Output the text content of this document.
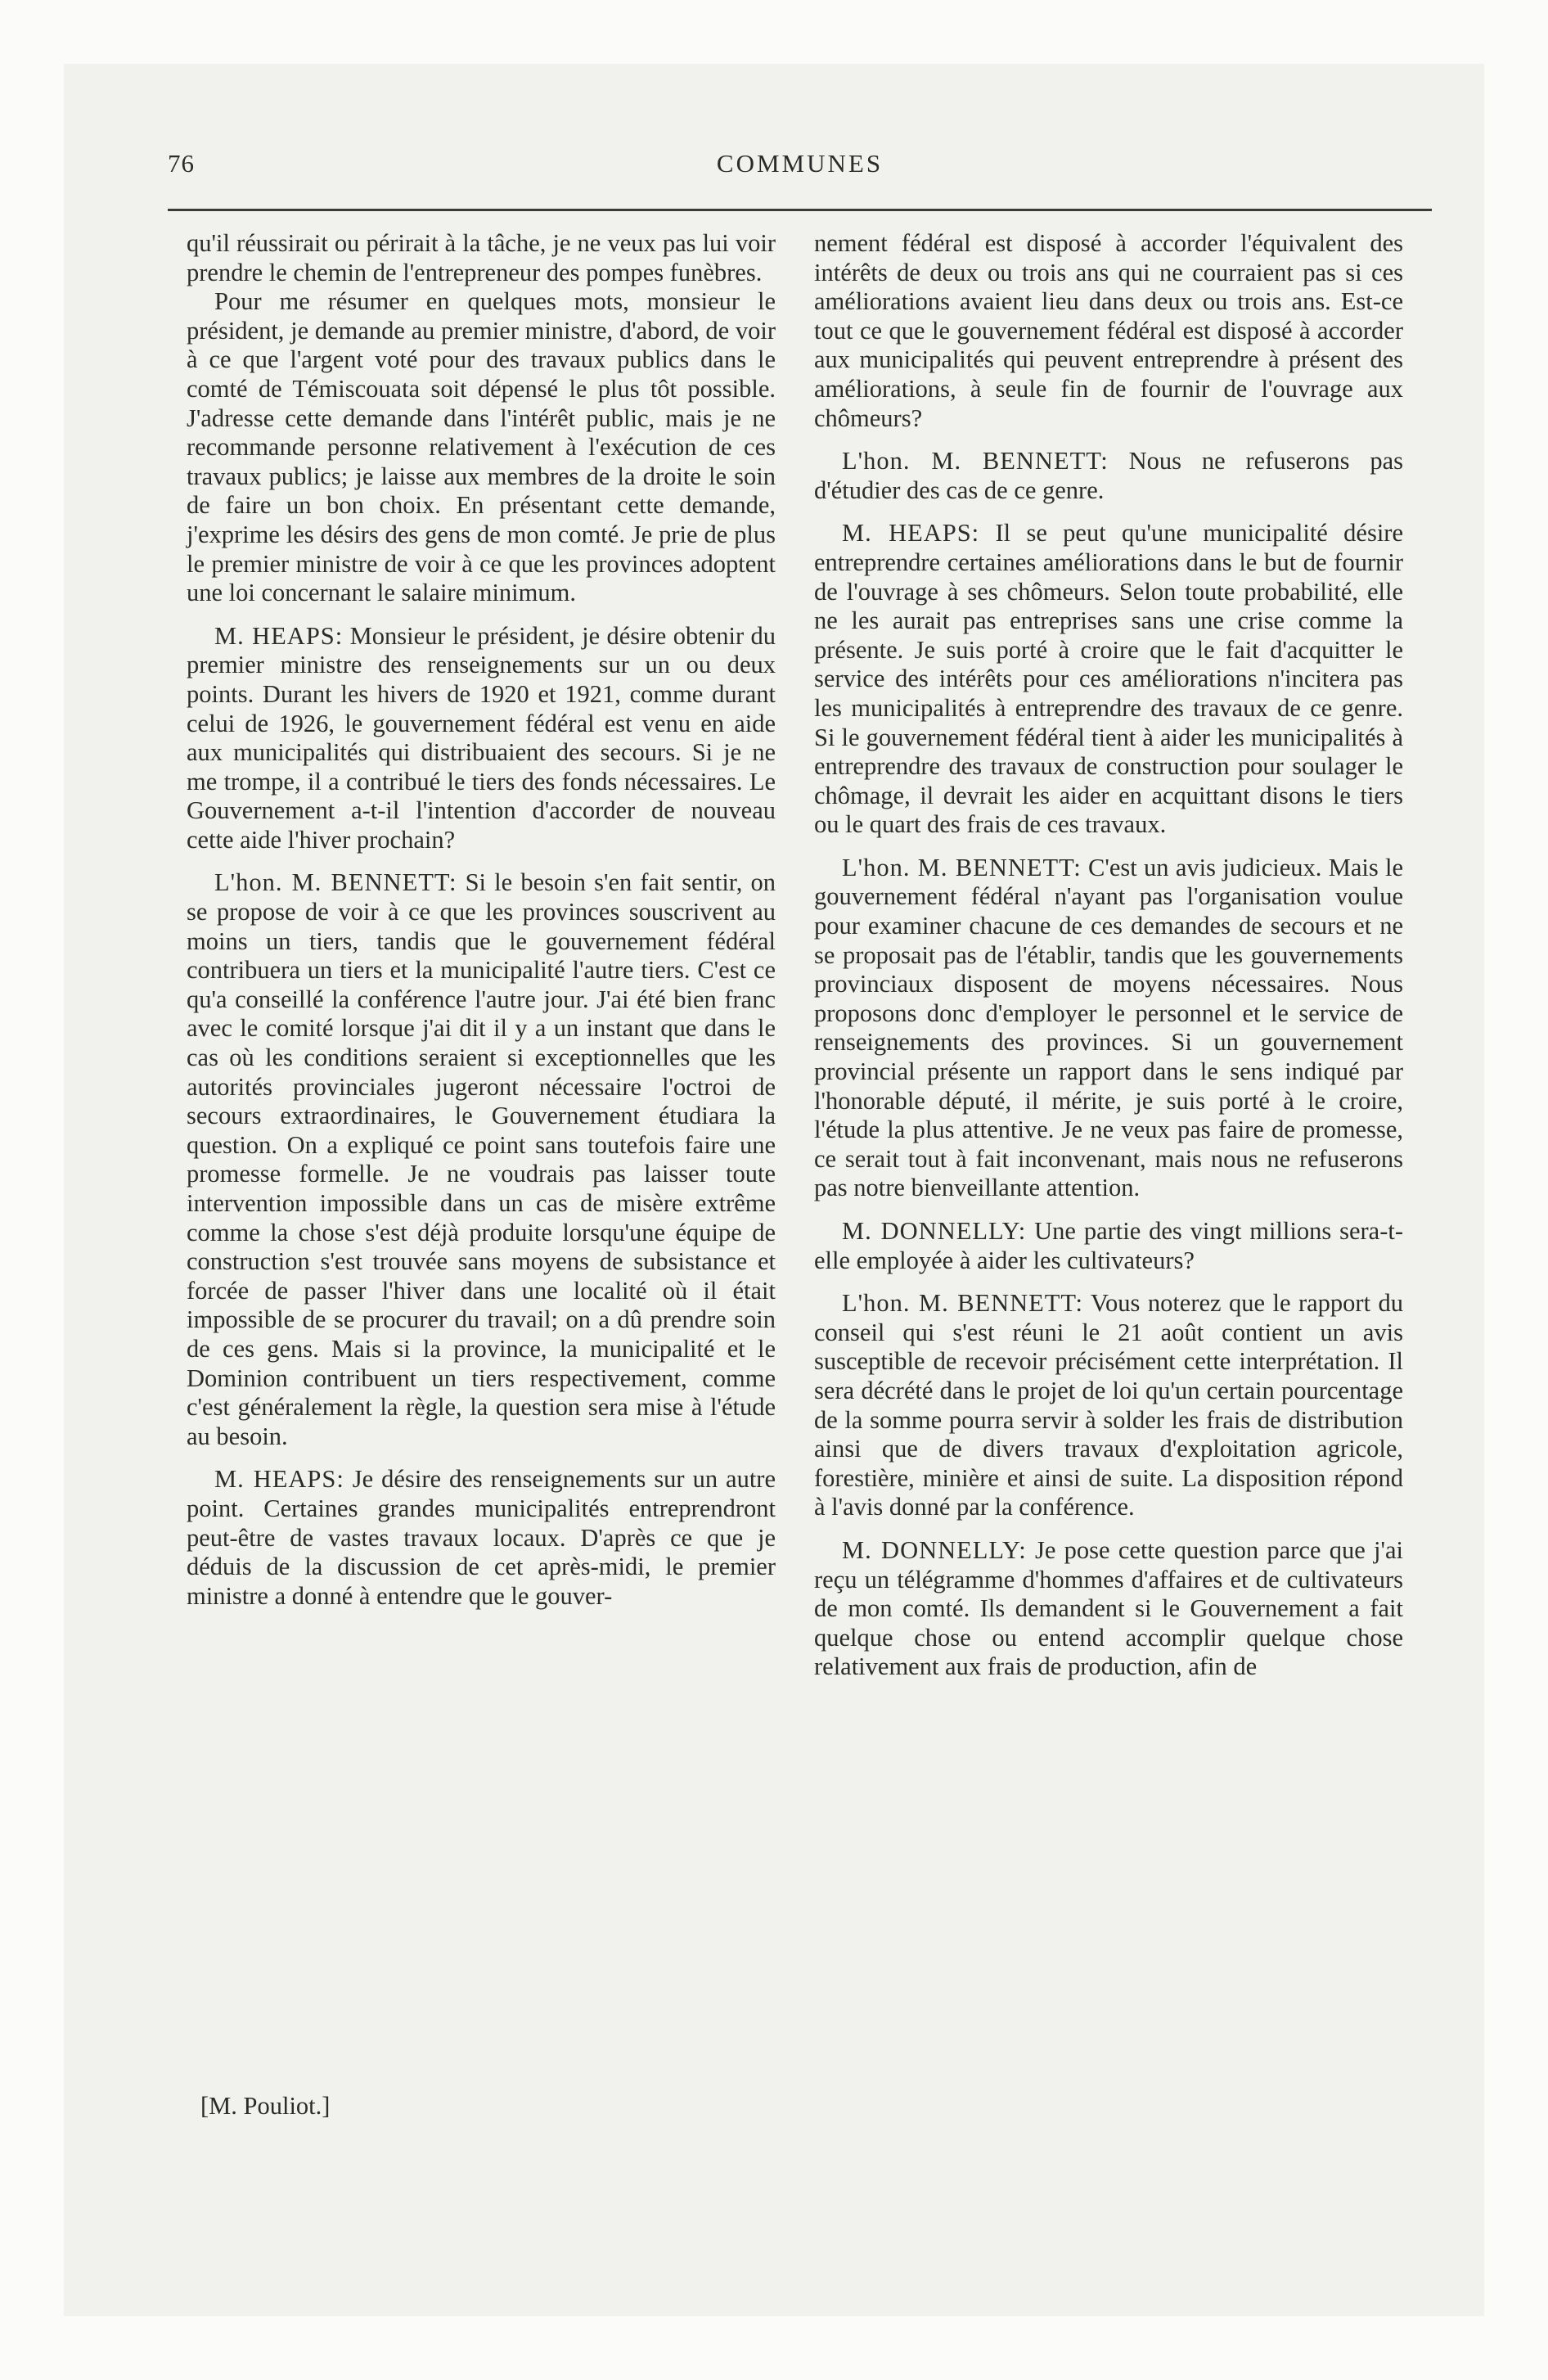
76	COMMUNES

qu'il réussirait ou périrait à la tâche, je ne veux pas lui voir prendre le chemin de l'entrepreneur des pompes funèbres.

Pour me résumer en quelques mots, monsieur le président, je demande au premier ministre, d'abord, de voir à ce que l'argent voté pour des travaux publics dans le comté de Témiscouata soit dépensé le plus tôt possible. J'adresse cette demande dans l'intérêt public, mais je ne recommande personne relativement à l'exécution de ces travaux publics; je laisse aux membres de la droite le soin de faire un bon choix. En présentant cette demande, j'exprime les désirs des gens de mon comté. Je prie de plus le premier ministre de voir à ce que les provinces adoptent une loi concernant le salaire minimum.

M. HEAPS: Monsieur le président, je désire obtenir du premier ministre des renseignements sur un ou deux points. Durant les hivers de 1920 et 1921, comme durant celui de 1926, le gouvernement fédéral est venu en aide aux municipalités qui distribuaient des secours. Si je ne me trompe, il a contribué le tiers des fonds nécessaires. Le Gouvernement a-t-il l'intention d'accorder de nouveau cette aide l'hiver prochain?

L'hon. M. BENNETT: Si le besoin s'en fait sentir, on se propose de voir à ce que les provinces souscrivent au moins un tiers, tandis que le gouvernement fédéral contribuera un tiers et la municipalité l'autre tiers. C'est ce qu'a conseillé la conférence l'autre jour. J'ai été bien franc avec le comité lorsque j'ai dit il y a un instant que dans le cas où les conditions seraient si exceptionnelles que les autorités provinciales jugeront nécessaire l'octroi de secours extraordinaires, le Gouvernement étudiara la question. On a expliqué ce point sans toutefois faire une promesse formelle. Je ne voudrais pas laisser toute intervention impossible dans un cas de misère extrême comme la chose s'est déjà produite lorsqu'une équipe de construction s'est trouvée sans moyens de subsistance et forcée de passer l'hiver dans une localité où il était impossible de se procurer du travail; on a dû prendre soin de ces gens. Mais si la province, la municipalité et le Dominion contribuent un tiers respectivement, comme c'est généralement la règle, la question sera mise à l'étude au besoin.

M. HEAPS: Je désire des renseignements sur un autre point. Certaines grandes municipalités entreprendront peut-être de vastes travaux locaux. D'après ce que je déduis de la discussion de cet après-midi, le premier ministre a donné à entendre que le gouver-

[M. Pouliot.]

nement fédéral est disposé à accorder l'équivalent des intérêts de deux ou trois ans qui ne courraient pas si ces améliorations avaient lieu dans deux ou trois ans. Est-ce tout ce que le gouvernement fédéral est disposé à accorder aux municipalités qui peuvent entreprendre à présent des améliorations, à seule fin de fournir de l'ouvrage aux chômeurs?

L'hon. M. BENNETT: Nous ne refuserons pas d'étudier des cas de ce genre.

M. HEAPS: Il se peut qu'une municipalité désire entreprendre certaines améliorations dans le but de fournir de l'ouvrage à ses chômeurs. Selon toute probabilité, elle ne les aurait pas entreprises sans une crise comme la présente. Je suis porté à croire que le fait d'acquitter le service des intérêts pour ces améliorations n'incitera pas les municipalités à entreprendre des travaux de ce genre. Si le gouvernement fédéral tient à aider les municipalités à entreprendre des travaux de construction pour soulager le chômage, il devrait les aider en acquittant disons le tiers ou le quart des frais de ces travaux.

L'hon. M. BENNETT: C'est un avis judicieux. Mais le gouvernement fédéral n'ayant pas l'organisation voulue pour examiner chacune de ces demandes de secours et ne se proposait pas de l'établir, tandis que les gouvernements provinciaux disposent de moyens nécessaires. Nous proposons donc d'employer le personnel et le service de renseignements des provinces. Si un gouvernement provincial présente un rapport dans le sens indiqué par l'honorable député, il mérite, je suis porté à le croire, l'étude la plus attentive. Je ne veux pas faire de promesse, ce serait tout à fait inconvenant, mais nous ne refuserons pas notre bienveillante attention.

M. DONNELLY: Une partie des vingt millions sera-t-elle employée à aider les cultivateurs?

L'hon. M. BENNETT: Vous noterez que le rapport du conseil qui s'est réuni le 21 août contient un avis susceptible de recevoir précisément cette interprétation. Il sera décrété dans le projet de loi qu'un certain pourcentage de la somme pourra servir à solder les frais de distribution ainsi que de divers travaux d'exploitation agricole, forestière, minière et ainsi de suite. La disposition répond à l'avis donné par la conférence.

M. DONNELLY: Je pose cette question parce que j'ai reçu un télégramme d'hommes d'affaires et de cultivateurs de mon comté. Ils demandent si le Gouvernement a fait quelque chose ou entend accomplir quelque chose relativement aux frais de production, afin de
